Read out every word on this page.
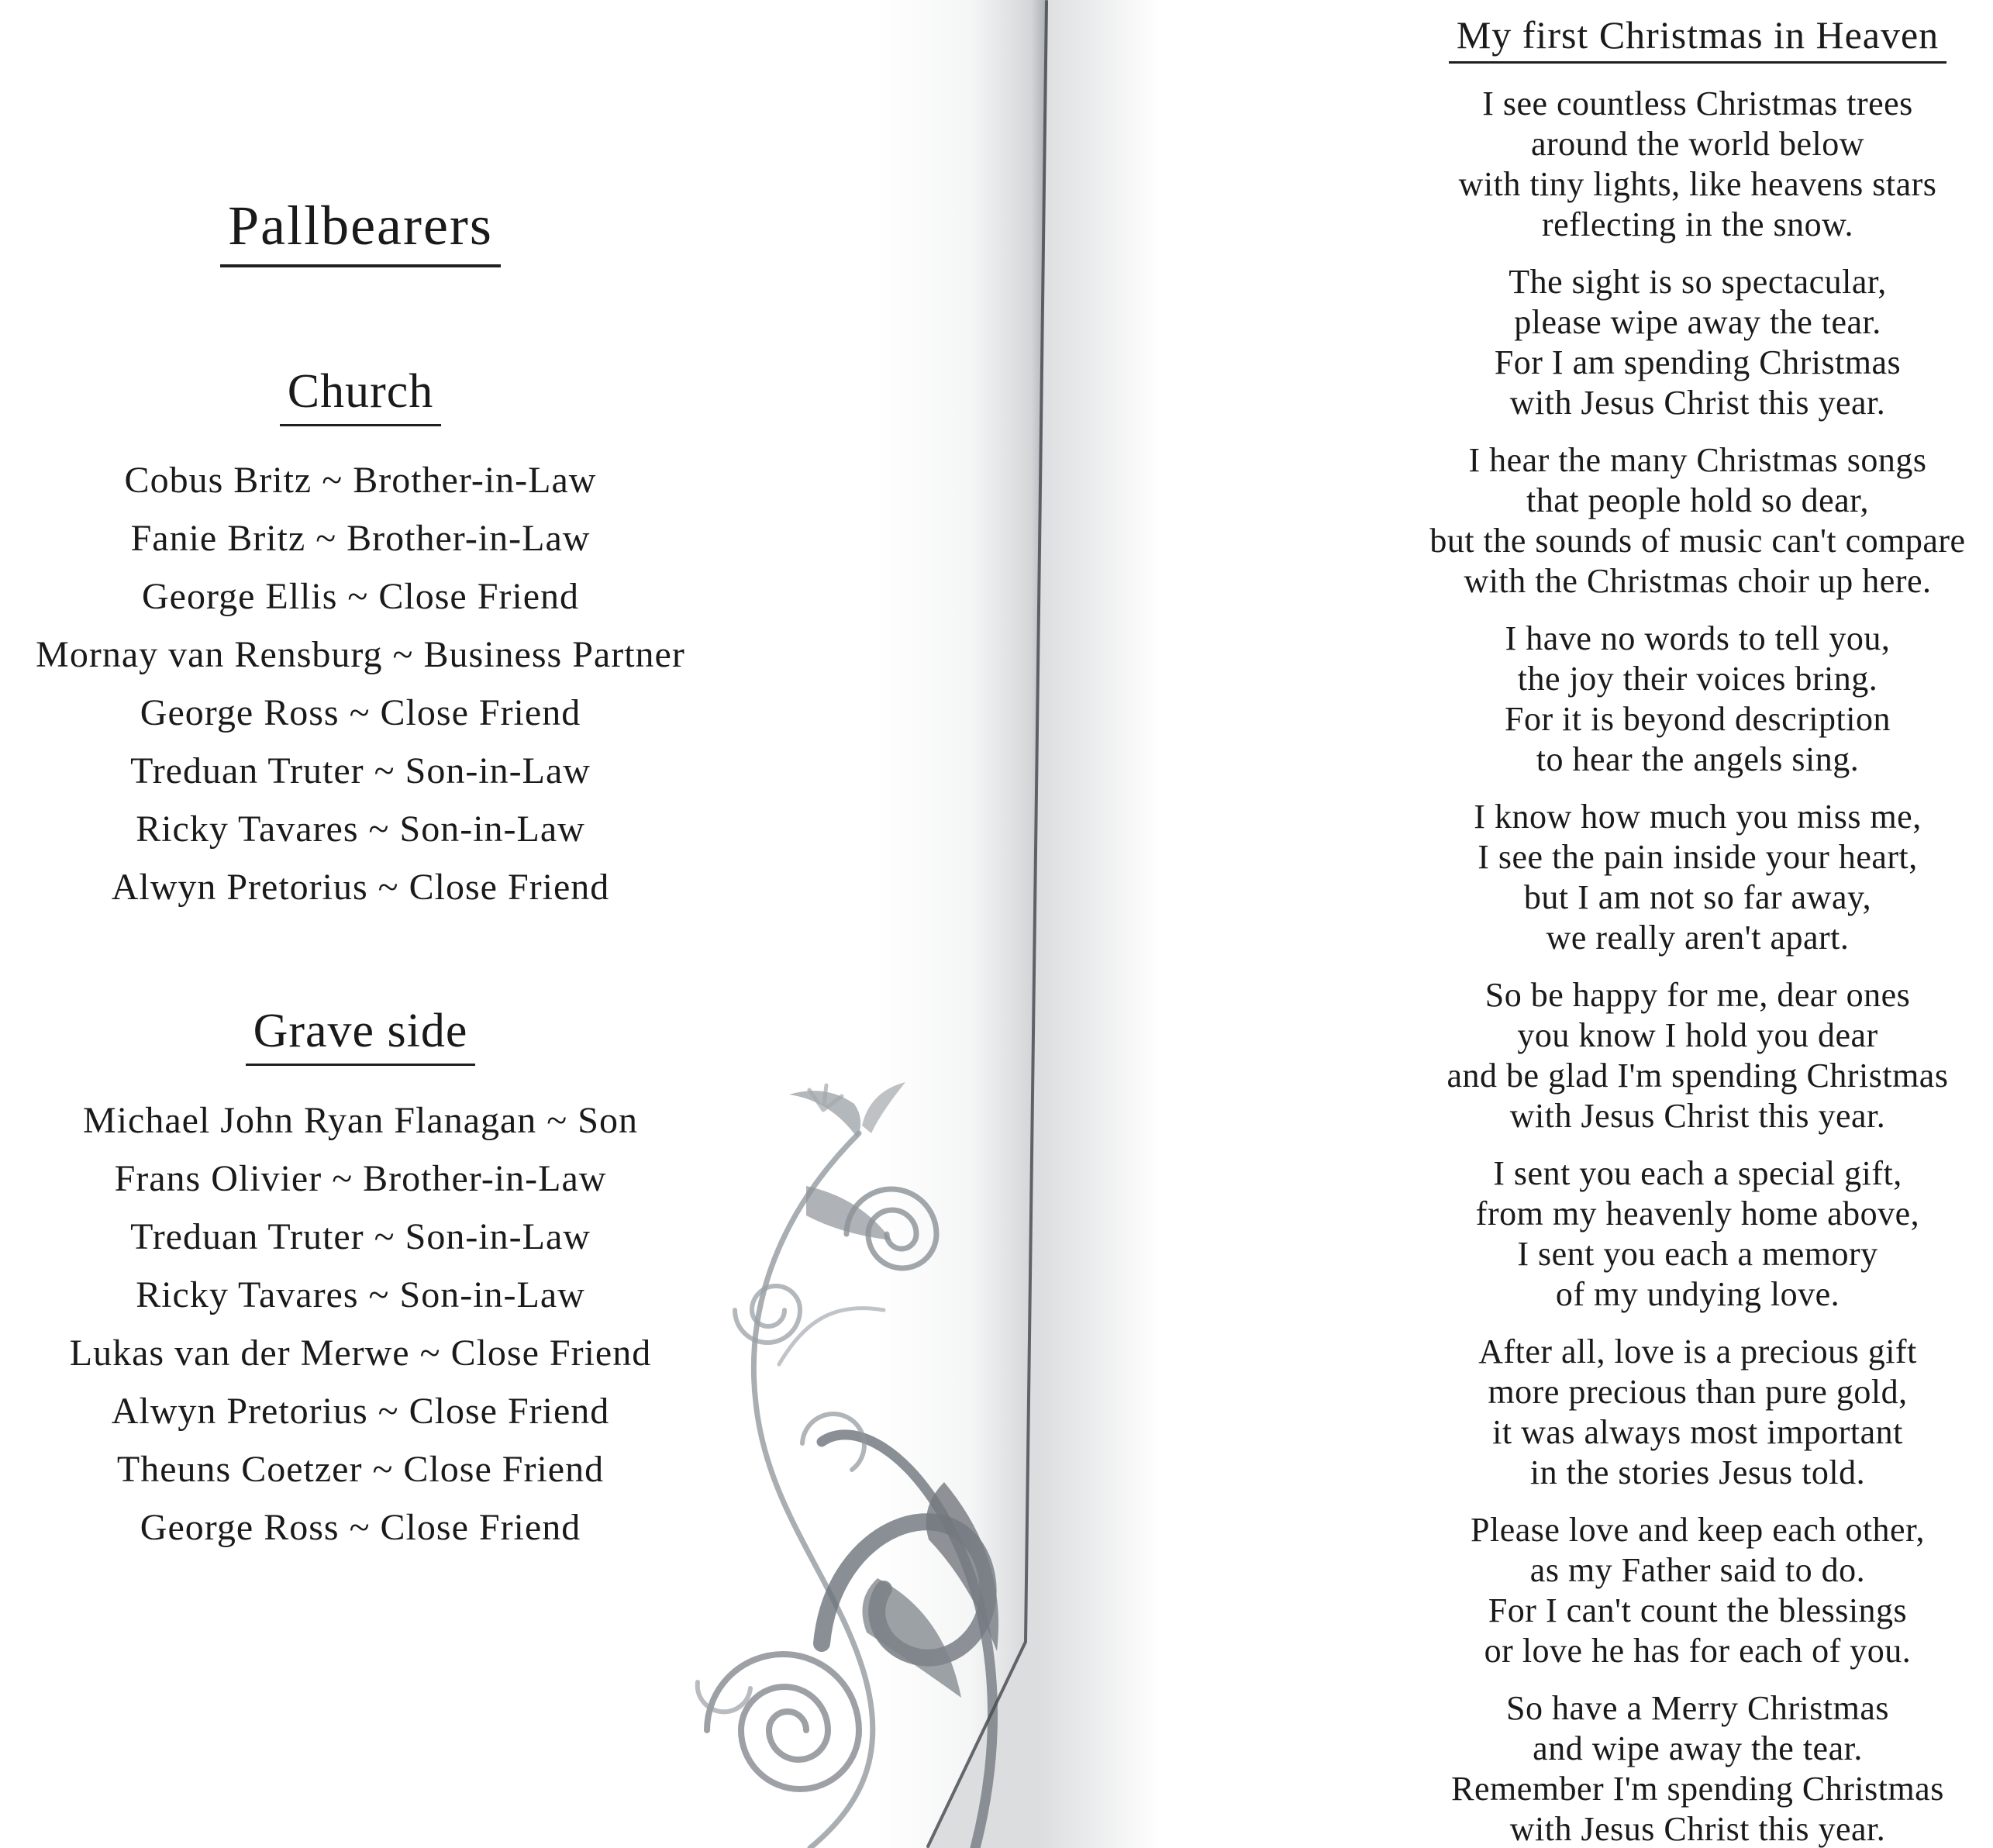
Pallbearers
Church
Cobus Britz ~ Brother-in-Law
Fanie Britz ~ Brother-in-Law
George Ellis ~ Close Friend
Mornay van Rensburg ~ Business Partner
George Ross ~ Close Friend
Treduan Truter ~ Son-in-Law
Ricky Tavares ~ Son-in-Law
Alwyn Pretorius ~ Close Friend
Grave side
Michael John Ryan Flanagan ~ Son
Frans Olivier ~ Brother-in-Law
Treduan Truter ~ Son-in-Law
Ricky Tavares ~ Son-in-Law
Lukas van der Merwe ~ Close Friend
Alwyn Pretorius ~ Close Friend
Theuns Coetzer ~ Close Friend
George Ross ~ Close Friend
My first Christmas in Heaven

I see countless Christmas trees
around the world below
with tiny lights, like heavens stars
reflecting in the snow.

The sight is so spectacular,
please wipe away the tear.
For I am spending Christmas
with Jesus Christ this year.

I hear the many Christmas songs
that people hold so dear,
but the sounds of music can't compare
with the Christmas choir up here.

I have no words to tell you,
the joy their voices bring.
For it is beyond description
to hear the angels sing.

I know how much you miss me,
I see the pain inside your heart,
but I am not so far away,
we really aren't apart.

So be happy for me, dear ones
you know I hold you dear
and be glad I'm spending Christmas
with Jesus Christ this year.

I sent you each a special gift,
from my heavenly home above,
I sent you each a memory
of my undying love.

After all, love is a precious gift
more precious than pure gold,
it was always most important
in the stories Jesus told.

Please love and keep each other,
as my Father said to do.
For I can't count the blessings
or love he has for each of you.

So have a Merry Christmas
and wipe away the tear.
Remember I'm spending Christmas
with Jesus Christ this year.
